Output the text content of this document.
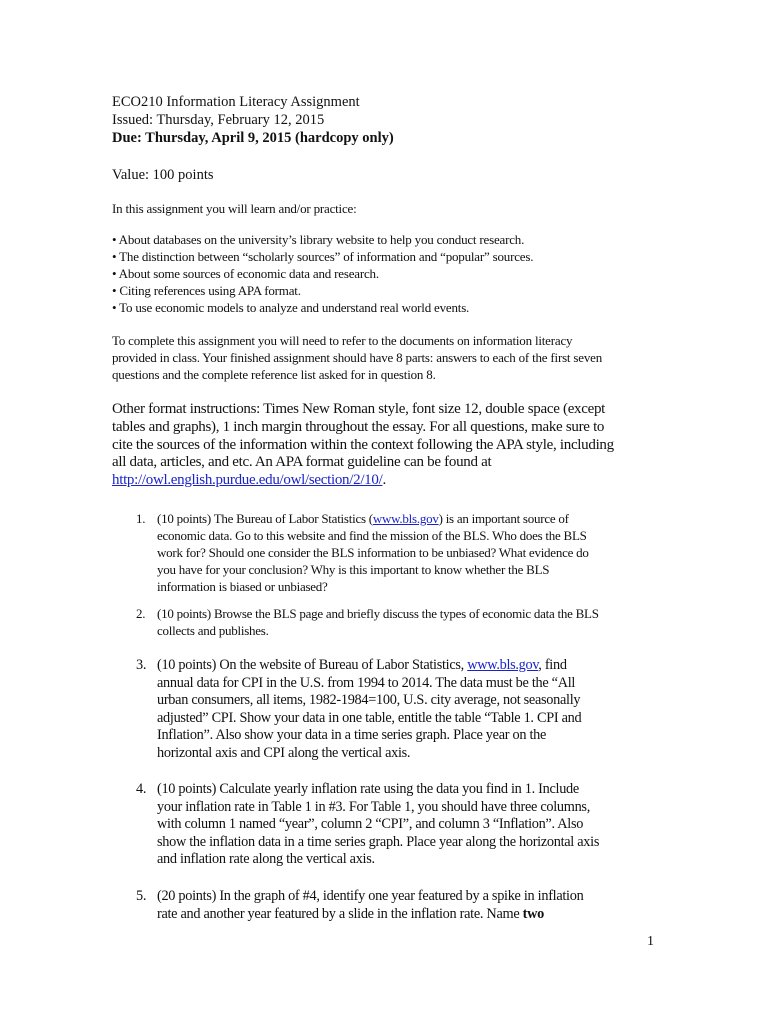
ECO210 Information Literacy Assignment
Issued: Thursday, February 12, 2015
Due: Thursday, April 9, 2015 (hardcopy only)
Value: 100 points
In this assignment you will learn and/or practice:
• About databases on the university’s library website to help you conduct research.
• The distinction between “scholarly sources” of information and “popular” sources.
• About some sources of economic data and research.
• Citing references using APA format.
• To use economic models to analyze and understand real world events.
To complete this assignment you will need to refer to the documents on information literacy
provided in class. Your finished assignment should have 8 parts: answers to each of the first seven
questions and the complete reference list asked for in question 8.
Other format instructions: Times New Roman style, font size 12, double space (except
tables and graphs), 1 inch margin throughout the essay. For all questions, make sure to
cite the sources of the information within the context following the APA style, including
all data, articles, and etc. An APA format guideline can be found at
http://owl.english.purdue.edu/owl/section/2/10/.
1. (10 points) The Bureau of Labor Statistics (www.bls.gov) is an important source of
economic data. Go to this website and find the mission of the BLS. Who does the BLS
work for? Should one consider the BLS information to be unbiased? What evidence do
you have for your conclusion? Why is this important to know whether the BLS
information is biased or unbiased?
2. (10 points) Browse the BLS page and briefly discuss the types of economic data the BLS
collects and publishes.
3. (10 points) On the website of Bureau of Labor Statistics, www.bls.gov, find
annual data for CPI in the U.S. from 1994 to 2014. The data must be the “All
urban consumers, all items, 1982-1984=100, U.S. city average, not seasonally
adjusted” CPI. Show your data in one table, entitle the table “Table 1. CPI and
Inflation”. Also show your data in a time series graph. Place year on the
horizontal axis and CPI along the vertical axis.
4. (10 points) Calculate yearly inflation rate using the data you find in 1. Include
your inflation rate in Table 1 in #3. For Table 1, you should have three columns,
with column 1 named “year”, column 2 “CPI”, and column 3 “Inflation”. Also
show the inflation data in a time series graph. Place year along the horizontal axis
and inflation rate along the vertical axis.
5. (20 points) In the graph of #4, identify one year featured by a spike in inflation
rate and another year featured by a slide in the inflation rate. Name two
1
